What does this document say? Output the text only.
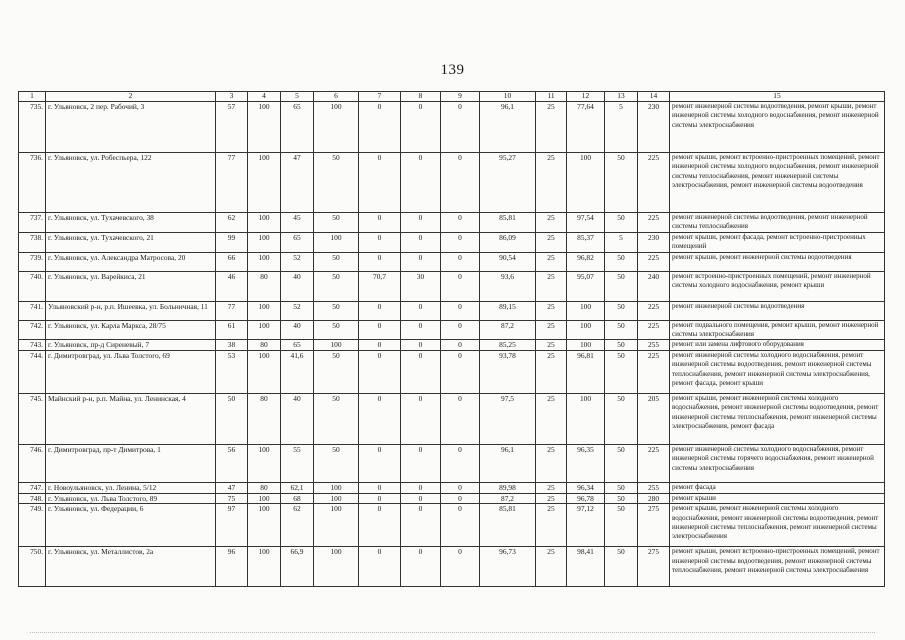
139
1	2	3	4	5	6	7	8	9	10	11	12	13	14	15
735.	г. Ульяновск, 2 пер. Рабочий, 3	57	100	65	100	0	0	0	96,1	25	77,64	5	230	ремонт инженерной системы водоотведения, ремонт крыши, ремонт инженерной системы холодного водоснабжения, ремонт инженерной системы электроснабжения
736.	г. Ульяновск, ул. Робеспьера, 122	77	100	47	50	0	0	0	95,27	25	100	50	225	ремонт крыши, ремонт встроенно-пристроенных помещений, ремонт инженерной системы холодного водоснабжения, ремонт инженерной системы теплоснабжения, ремонт инженерной системы электроснабжения, ремонт инженерной системы водоотведения
737.	г. Ульяновск, ул. Тухачевского, 38	62	100	45	50	0	0	0	85,81	25	97,54	50	225	ремонт инженерной системы водоотведения, ремонт инженерной системы теплоснабжения
738.	г. Ульяновск, ул. Тухачевского, 21	99	100	65	100	0	0	0	86,09	25	85,37	5	230	ремонт крыши, ремонт фасада, ремонт встроенно-пристроенных помещений
739.	г. Ульяновск, ул. Александра Матросова, 20	66	100	52	50	0	0	0	90,54	25	96,82	50	225	ремонт крыши, ремонт инженерной системы водоотведения
740.	г. Ульяновск, ул. Варейкиса, 21	46	80	40	50	70,7	30	0	93,6	25	95,07	50	240	ремонт встроенно-пристроенных помещений, ремонт инженерной системы холодного водоснабжения, ремонт крыши
741.	Ульяновский р-н, р.п. Ишеевка, ул. Больничная, 11	77	100	52	50	0	0	0	89,15	25	100	50	225	ремонт инженерной системы водоотведения
742.	г. Ульяновск, ул. Карла Маркса, 28/75	61	100	40	50	0	0	0	87,2	25	100	50	225	ремонт подвального помещения, ремонт крыши, ремонт инженерной системы электроснабжения
743.	г. Ульяновск, пр-д Сиреневый, 7	38	80	65	100	0	0	0	85,25	25	100	50	255	ремонт или замена лифтового оборудования
744.	г. Димитровград, ул. Льва Толстого, 69	53	100	41,6	50	0	0	0	93,78	25	96,81	50	225	ремонт инженерной системы холодного водоснабжения, ремонт инженерной системы водоотведения, ремонт инженерной системы теплоснабжения, ремонт инженерной системы электроснабжения, ремонт фасада, ремонт крыши
745.	Майнский р-н, р.п. Майна, ул. Ленинская, 4	50	80	40	50	0	0	0	97,5	25	100	50	205	ремонт крыши, ремонт инженерной системы холодного водоснабжения, ремонт инженерной системы водоотведения, ремонт инженерной системы теплоснабжения, ремонт инженерной системы электроснабжения, ремонт фасада
746.	г. Димитровград, пр-т Димитрова, 1	56	100	55	50	0	0	0	96,1	25	96,35	50	225	ремонт инженерной системы холодного водоснабжения, ремонт инженерной системы горячего водоснабжения, ремонт инженерной системы электроснабжения
747.	г. Новоульяновск, ул. Ленина, 5/12	47	80	62,1	100	0	0	0	89,98	25	96,34	50	255	ремонт фасада
748.	г. Ульяновск, ул. Льва Толстого, 89	75	100	68	100	0	0	0	87,2	25	96,78	50	280	ремонт крыши
749.	г. Ульяновск, ул. Федерации, 6	97	100	62	100	0	0	0	85,81	25	97,12	50	275	ремонт крыши, ремонт инженерной системы холодного водоснабжения, ремонт инженерной системы водоотведения, ремонт инженерной системы теплоснабжения, ремонт инженерной системы электроснабжения
750.	г. Ульяновск, ул. Металлистов, 2а	96	100	66,9	100	0	0	0	96,73	25	98,41	50	275	ремонт крыши, ремонт встроенно-пристроенных помещений, ремонт инженерной системы водоотведения, ремонт инженерной системы теплоснабжения, ремонт инженерной системы электроснабжения
